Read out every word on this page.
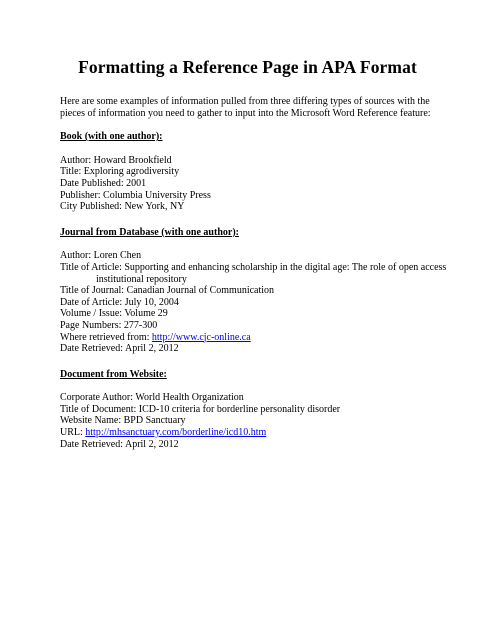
Formatting a Reference Page in APA Format

Here are some examples of information pulled from three differing types of sources with the pieces of information you need to gather to input into the Microsoft Word Reference feature:

Book (with one author):
Author: Howard Brookfield
Title: Exploring agrodiversity
Date Published: 2001
Publisher: Columbia University Press
City Published: New York, NY
Journal from Database (with one author):
Author: Loren Chen
Title of Article: Supporting and enhancing scholarship in the digital age: The role of open access
institutional repository
Title of Journal: Canadian Journal of Communication
Date of Article: July 10, 2004
Volume / Issue: Volume 29
Page Numbers: 277-300
Where retrieved from: http://www.cjc-online.ca
Date Retrieved: April 2, 2012
Document from Website:
Corporate Author: World Health Organization
Title of Document: ICD-10 criteria for borderline personality disorder
Website Name: BPD Sanctuary
URL: http://mhsanctuary.com/borderline/icd10.htm
Date Retrieved: April 2, 2012
